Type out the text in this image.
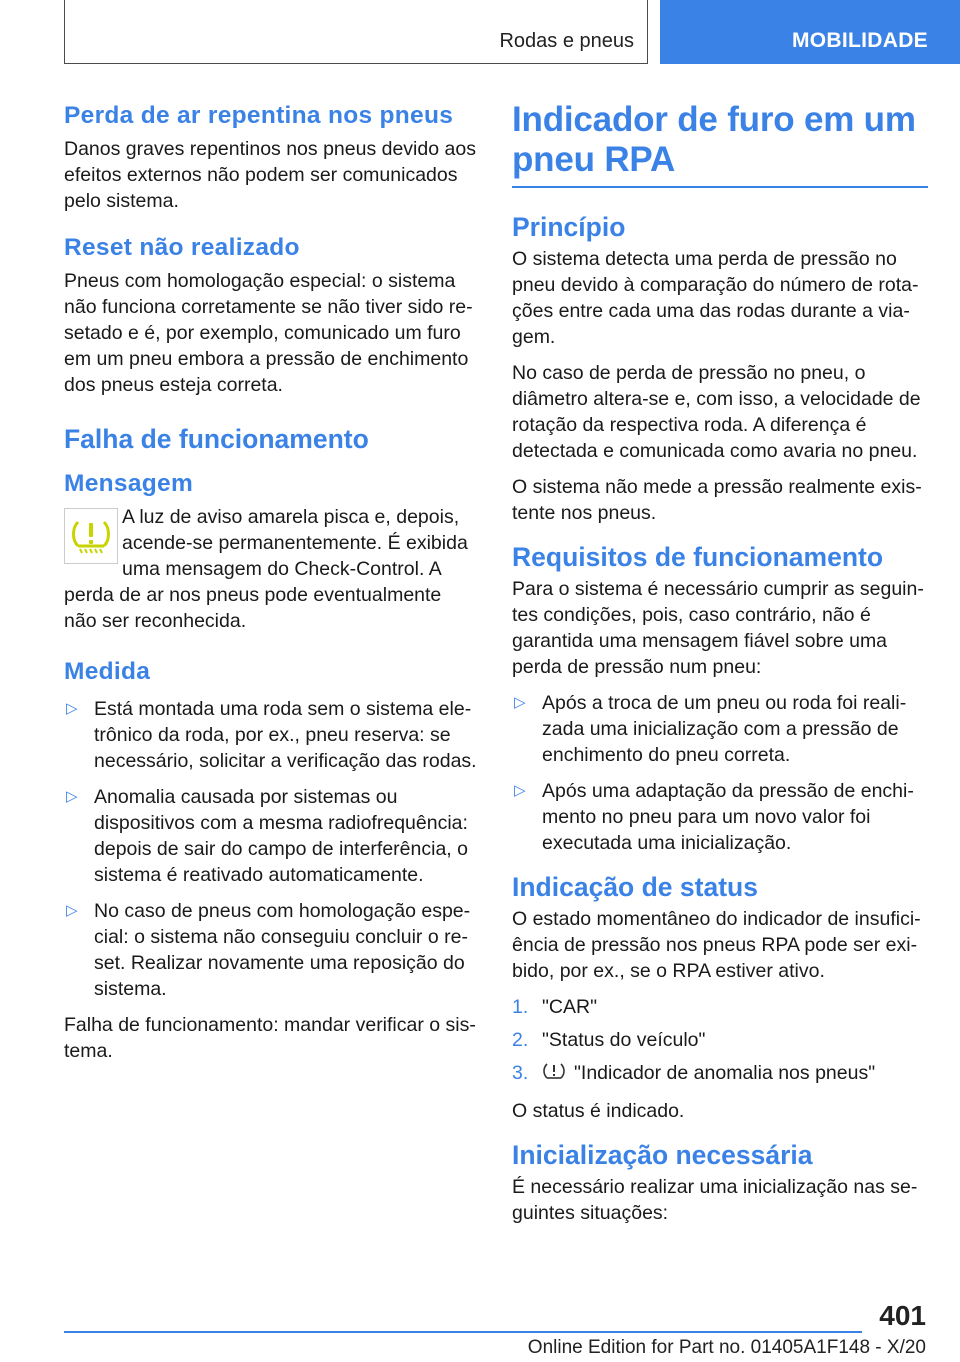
Rodas e pneus	MOBILIDADE
Perda de ar repentina nos pneus

Danos graves repentinos nos pneus devido aos efeitos externos não podem ser comunicados pelo sistema.

Reset não realizado

Pneus com homologação especial: o sistema não funciona corretamente se não tiver sido resetado e é, por exemplo, comunicado um furo em um pneu embora a pressão de enchimento dos pneus esteja correta.

Falha de funcionamento
Mensagem

A luz de aviso amarela pisca e, depois, acende-se permanentemente. É exibida uma mensagem do Check-Control. A perda de ar nos pneus pode eventualmente não ser reconhecida.

Medida
▷ Está montada uma roda sem o sistema eletrônico da roda, por ex., pneu reserva: se necessário, solicitar a verificação das rodas.
▷ Anomalia causada por sistemas ou dispositivos com a mesma radiofrequência: depois de sair do campo de interferência, o sistema é reativado automaticamente.
▷ No caso de pneus com homologação especial: o sistema não conseguiu concluir o reset. Realizar novamente uma reposição do sistema.

Falha de funcionamento: mandar verificar o sistema.

Indicador de furo em um pneu RPA
Princípio

O sistema detecta uma perda de pressão no pneu devido à comparação do número de rotações entre cada uma das rodas durante a viagem.

No caso de perda de pressão no pneu, o diâmetro altera-se e, com isso, a velocidade de rotação da respectiva roda. A diferença é detectada e comunicada como avaria no pneu.

O sistema não mede a pressão realmente existente nos pneus.

Requisitos de funcionamento

Para o sistema é necessário cumprir as seguintes condições, pois, caso contrário, não é garantida uma mensagem fiável sobre uma perda de pressão num pneu:

▷ Após a troca de um pneu ou roda foi realizada uma inicialização com a pressão de enchimento do pneu correta.
▷ Após uma adaptação da pressão de enchimento no pneu para um novo valor foi executada uma inicialização.
Indicação de status

O estado momentâneo do indicador de insuficiência de pressão nos pneus RPA pode ser exibido, por ex., se o RPA estiver ativo.

1. "CAR"
2. "Status do veículo"
3. "Indicador de anomalia nos pneus"

O status é indicado.

Inicialização necessária

É necessário realizar uma inicialização nas seguintes situações:

401
Online Edition for Part no. 01405A1F148 - X/20
